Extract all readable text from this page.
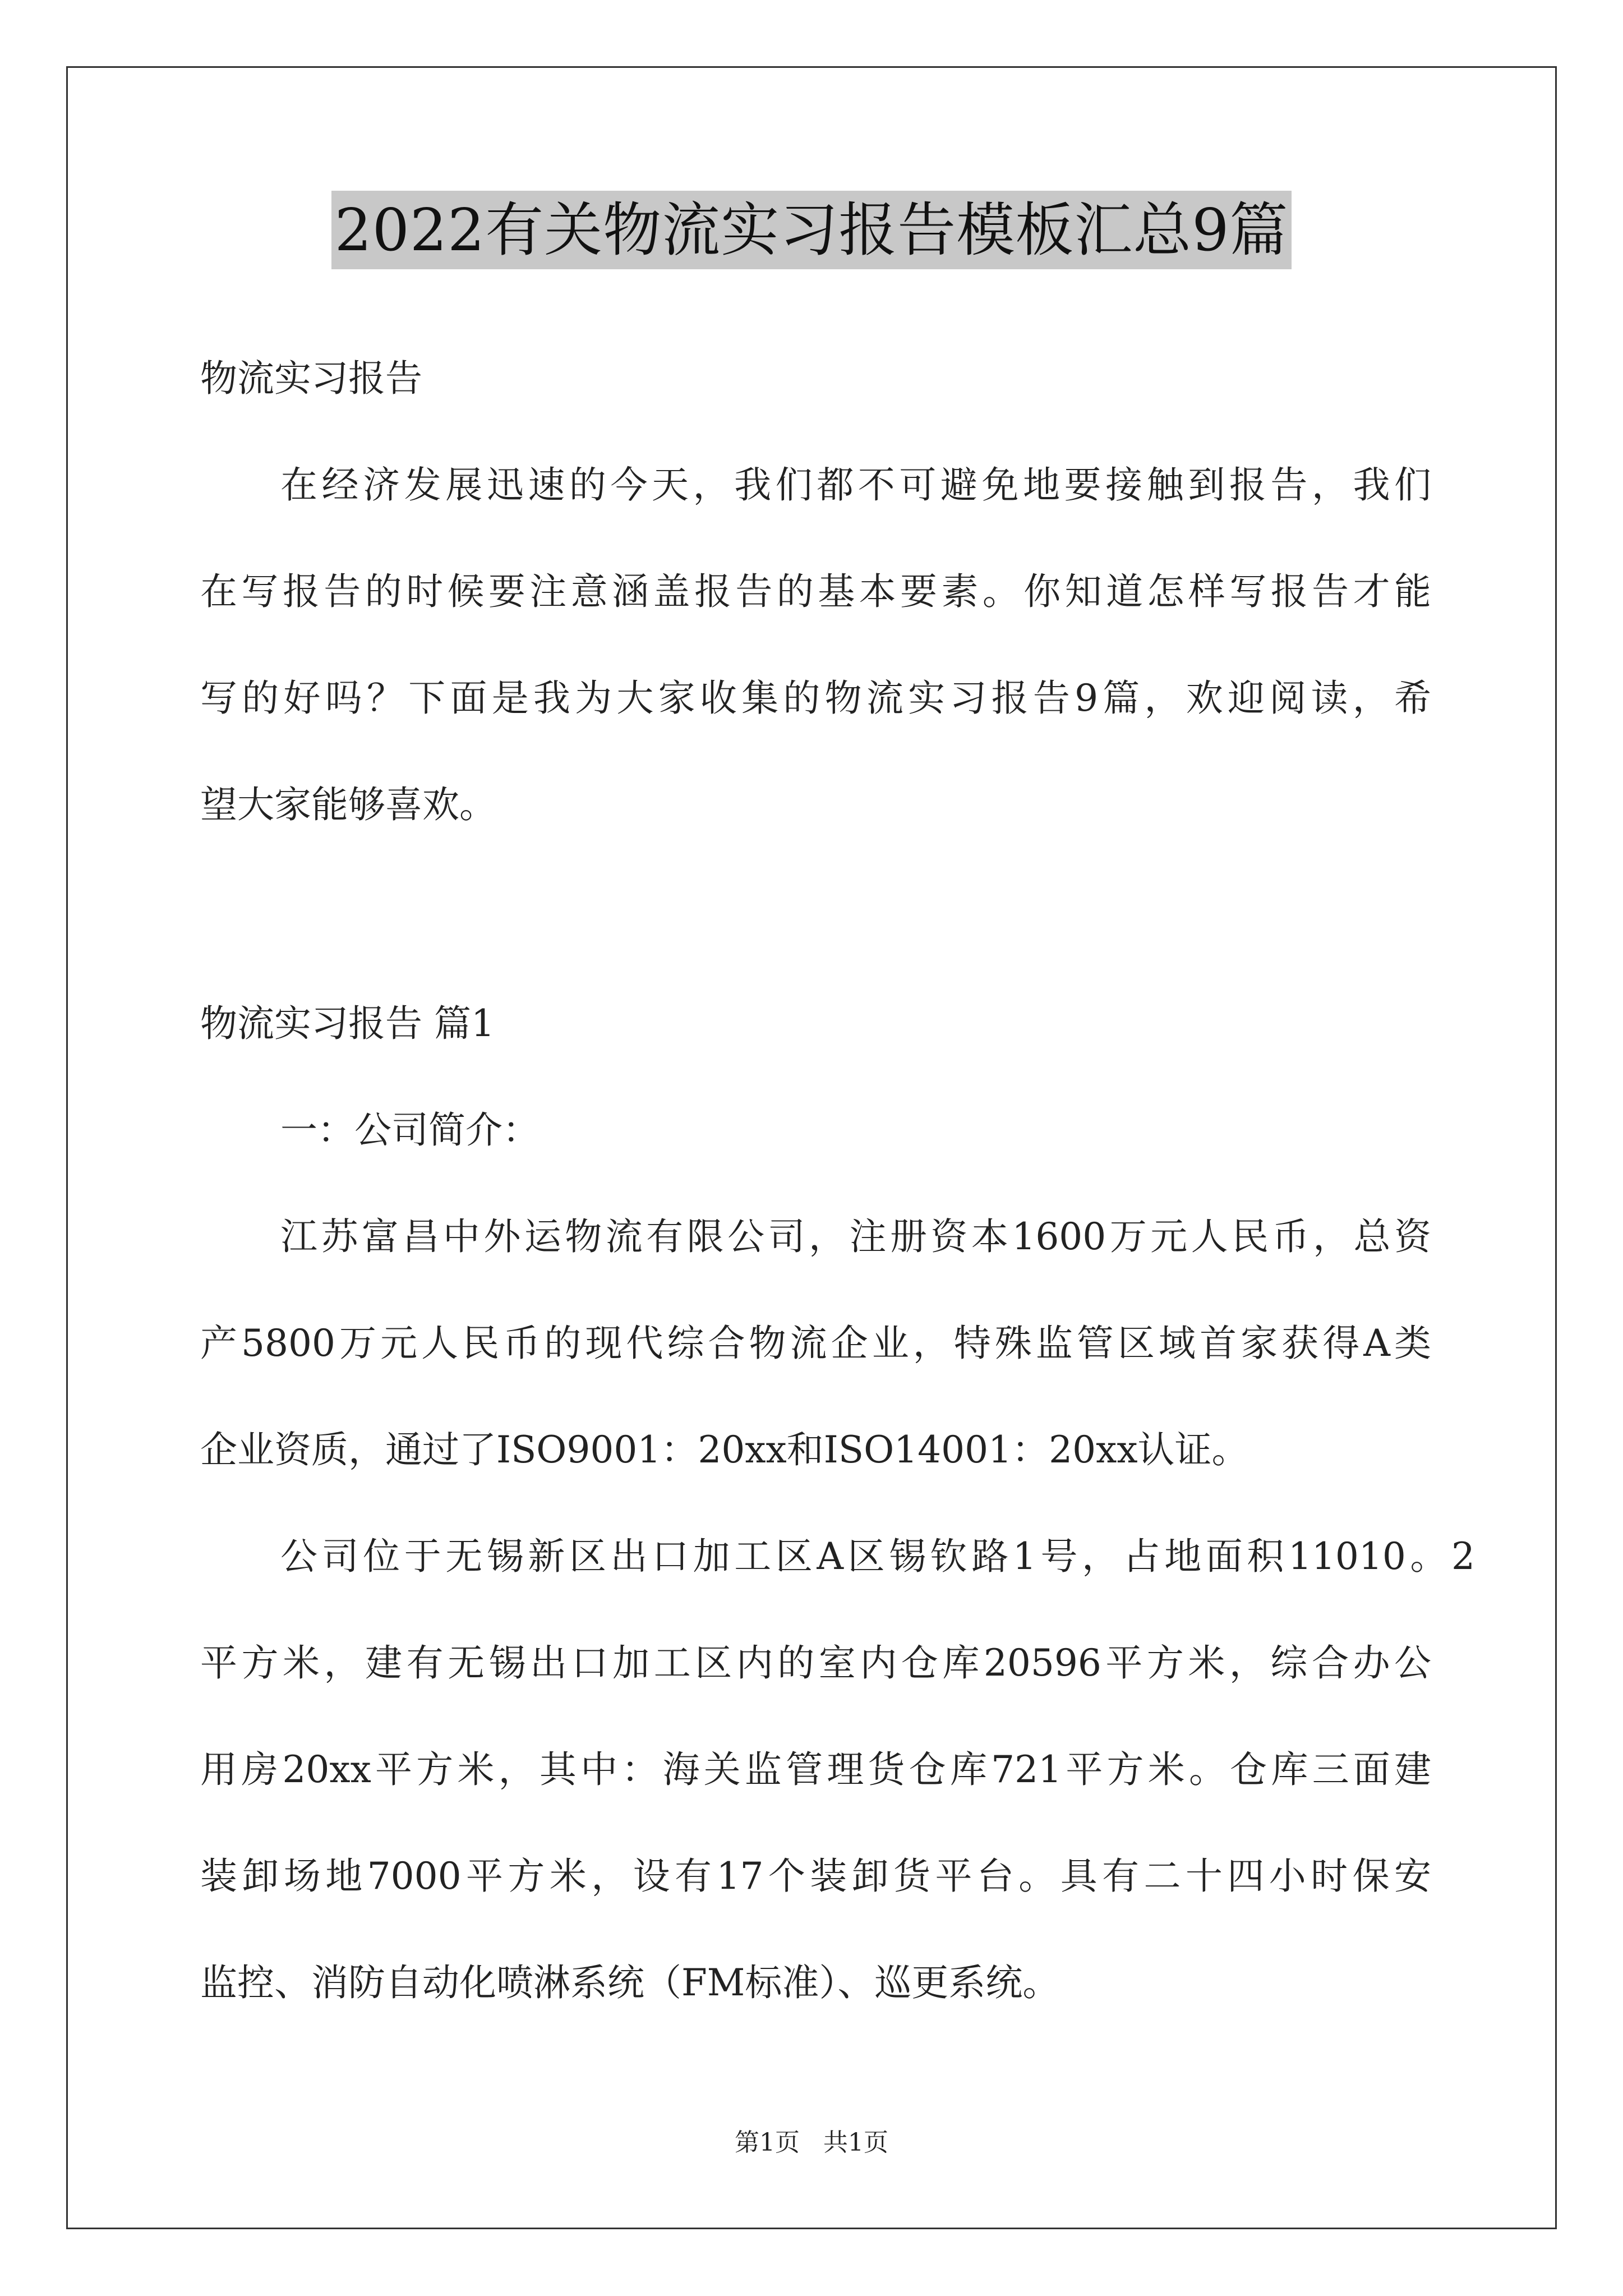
2022有关物流实习报告模板汇总9篇
物流实习报告
在经济发展迅速的今天，我们都不可避免地要接触到报告，我们
在写报告的时候要注意涵盖报告的基本要素。你知道怎样写报告才能
写的好吗？下面是我为大家收集的物流实习报告9篇，欢迎阅读，希
望大家能够喜欢。
物流实习报告 篇1
一：公司简介：
江苏富昌中外运物流有限公司，注册资本1600万元人民币，总资
产5800万元人民币的现代综合物流企业，特殊监管区域首家获得A类
企业资质，通过了ISO9001：20xx和ISO14001：20xx认证。
公司位于无锡新区出口加工区A区锡钦路1号，占地面积11010。2
平方米，建有无锡出口加工区内的室内仓库20596平方米，综合办公
用房20xx平方米，其中：海关监管理货仓库721平方米。仓库三面建
装卸场地7000平方米，设有17个装卸货平台。具有二十四小时保安
监控、消防自动化喷淋系统（FM标准）、巡更系统。
第1页   共1页
